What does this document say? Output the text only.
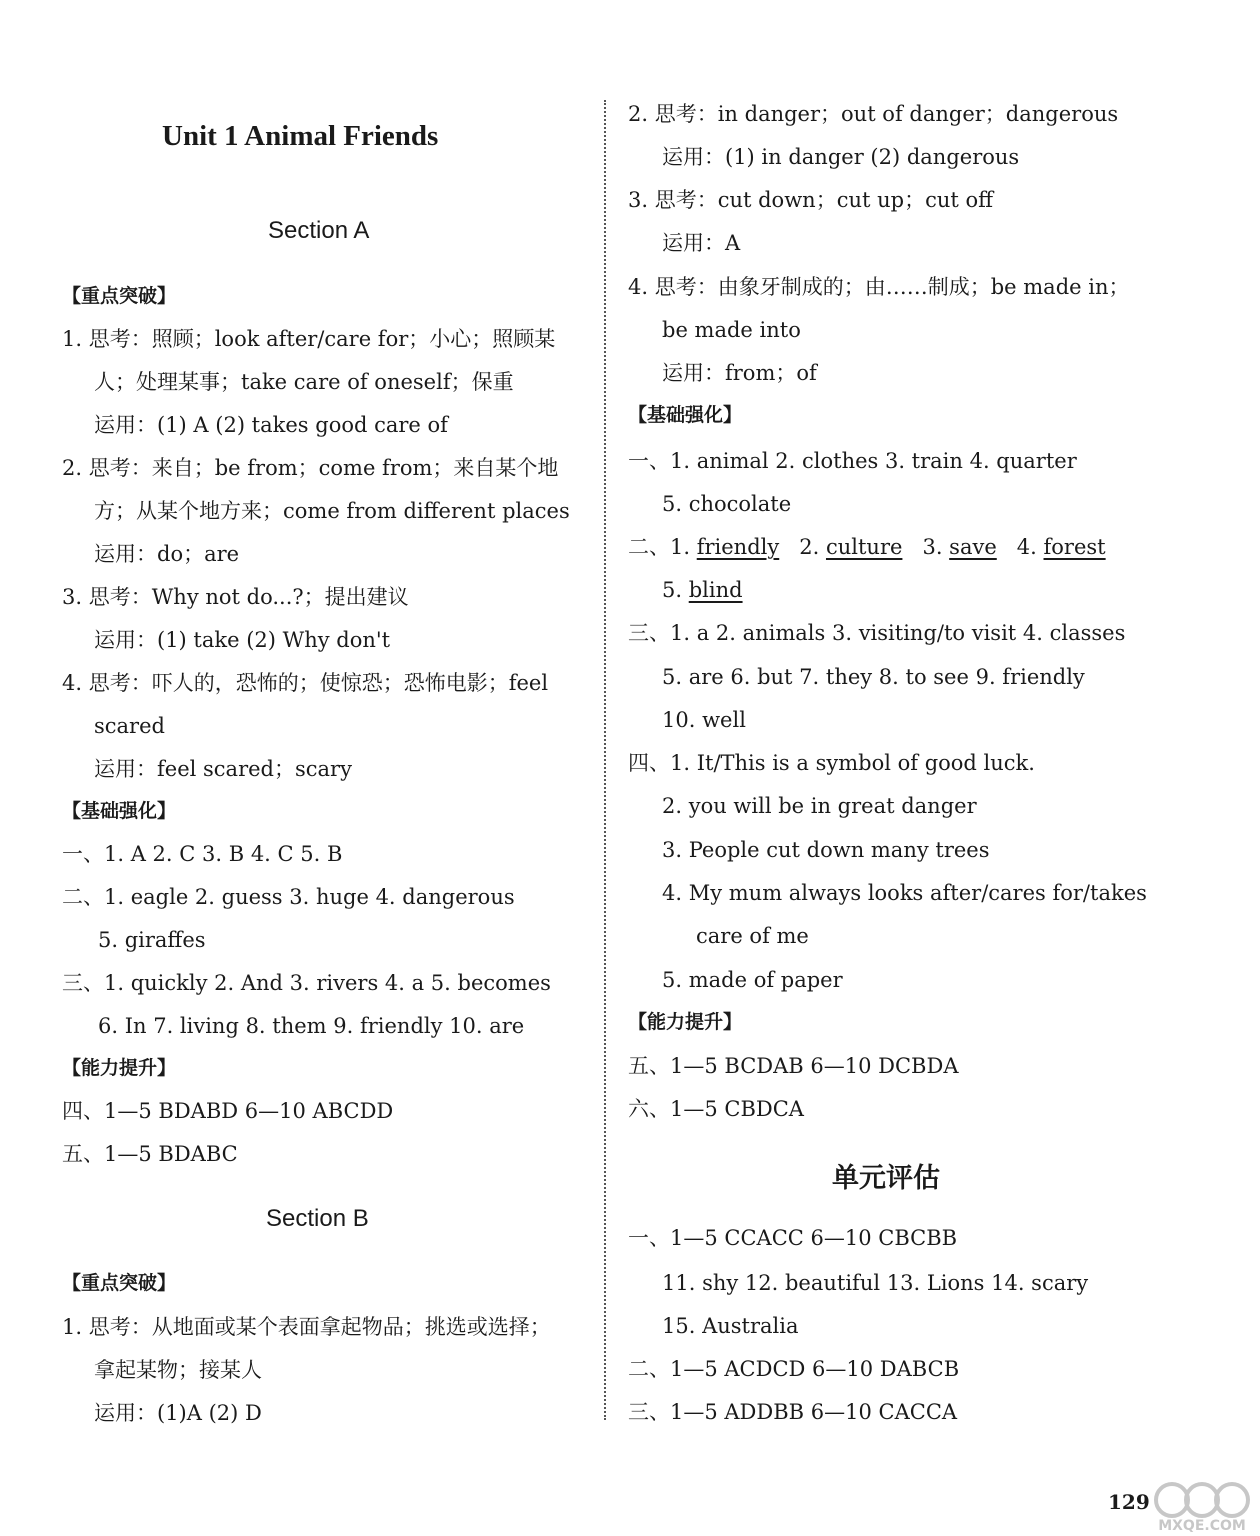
Unit 1 Animal Friends
Section A
【重点突破】
1. 思考：照顾；look after/care for；小心；照顾某
人；处理某事；take care of oneself；保重
运用：(1) A (2) takes good care of
2. 思考：来自；be from；come from；来自某个地
方；从某个地方来；come from different places
运用：do；are
3. 思考：Why not do...?；提出建议
运用：(1) take (2) Why don't
4. 思考：吓人的，恐怖的；使惊恐；恐怖电影；feel
scared
运用：feel scared；scary
【基础强化】
一、1. A 2. C 3. B 4. C 5. B
二、1. eagle 2. guess 3. huge 4. dangerous
5. giraffes
三、1. quickly 2. And 3. rivers 4. a 5. becomes
6. In 7. living 8. them 9. friendly 10. are
【能力提升】
四、1—5 BDABD 6—10 ABCDD
五、1—5 BDABC
Section B
【重点突破】
1. 思考：从地面或某个表面拿起物品；挑选或选择；
拿起某物；接某人
运用：(1)A (2) D
2. 思考：in danger；out of danger；dangerous
运用：(1) in danger (2) dangerous
3. 思考：cut down；cut up；cut off
运用：A
4. 思考：由象牙制成的；由……制成；be made in；
be made into
运用：from；of
【基础强化】
一、1. animal 2. clothes 3. train 4. quarter
5. chocolate
二、1. friendly 2. culture 3. save 4. forest
5. blind
三、1. a 2. animals 3. visiting/to visit 4. classes
5. are 6. but 7. they 8. to see 9. friendly
10. well
四、1. It/This is a symbol of good luck.
2. you will be in great danger
3. People cut down many trees
4. My mum always looks after/cares for/takes
care of me
5. made of paper
【能力提升】
五、1—5 BCDAB 6—10 DCBDA
六、1—5 CBDCA
单元评估
一、1—5 CCACC 6—10 CBCBB
11. shy 12. beautiful 13. Lions 14. scary
15. Australia
二、1—5 ACDCD 6—10 DABCB
三、1—5 ADDBB 6—10 CACCA
129
MXQE.COM
